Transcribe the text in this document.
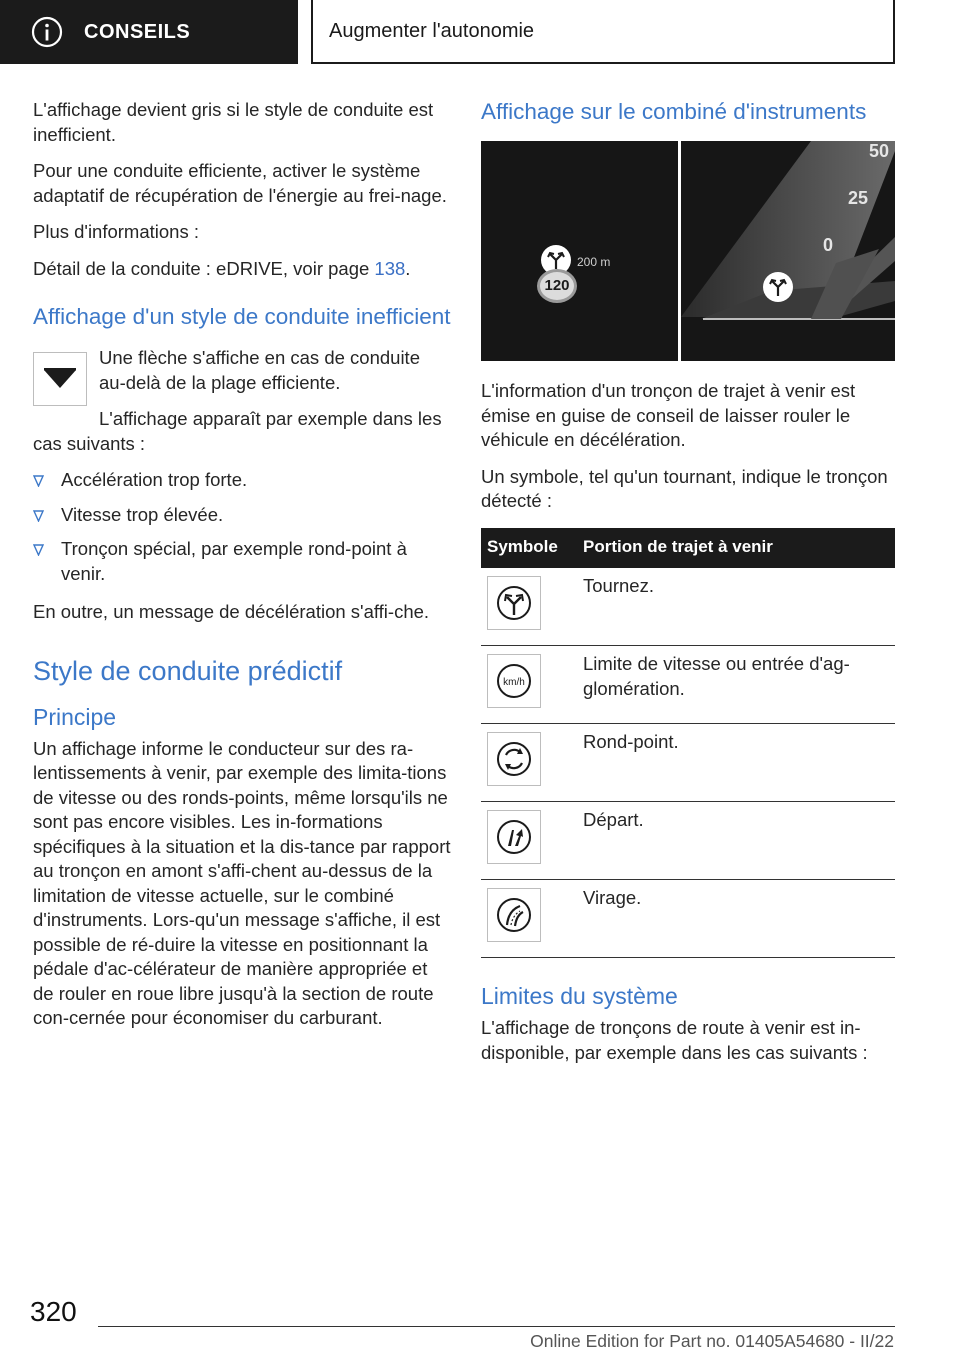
CONSEILS	Augmenter l'autonomie

L'affichage devient gris si le style de conduite est inefficient.

Pour une conduite efficiente, activer le système adaptatif de récupération de l'énergie au frei-nage.

Plus d'informations :

Détail de la conduite : eDRIVE, voir page 138.

Affichage d'un style de conduite inefficient

Une flèche s'affiche en cas de conduite au-delà de la plage efficiente.

L'affichage apparaît par exemple dans les cas suivants :

Accélération trop forte.
Vitesse trop élevée.
Tronçon spécial, par exemple rond-point à venir.

En outre, un message de décélération s'affi-che.

Style de conduite prédictif
Principe

Un affichage informe le conducteur sur des ra-lentissements à venir, par exemple des limita-tions de vitesse ou des ronds-points, même lorsqu'ils ne sont pas encore visibles. Les in-formations spécifiques à la situation et la dis-tance par rapport au tronçon en amont s'affi-chent au-dessus de la limitation de vitesse actuelle, sur le combiné d'instruments. Lors-qu'un message s'affiche, il est possible de ré-duire la vitesse en positionnant la pédale d'ac-célérateur de manière appropriée et de rouler en roue libre jusqu'à la section de route con-cernée pour économiser du carburant.

Affichage sur le combiné d'instruments
200 m
120
50
25
0

L'information d'un tronçon de trajet à venir est émise en guise de conseil de laisser rouler le véhicule en décélération.

Un symbole, tel qu'un tournant, indique le tronçon détecté :

Symbole	Portion de trajet à venir

	Tournez.

km/h	Limite de vitesse ou entrée d'ag-glomération.

	Rond-point.

	Départ.

	Virage.
Limites du système

L'affichage de tronçons de route à venir est in-disponible, par exemple dans les cas suivants :

320
Online Edition for Part no. 01405A54680 - II/22
